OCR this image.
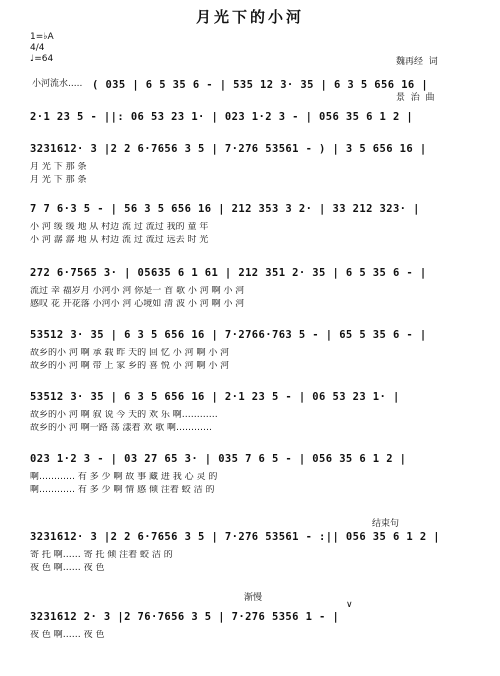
月光下的小河
1=♭A
4/4
♩=64

	魏再经  词

景  治  曲

小河流水..... ( 035 | 6 5 35 6 - | 535 12 3· 35 | 6 3 5 656 16 |
2·1 23 5 - ||: 06 53 23 1· | 023 1·2 3 - | 056 35 6 1 2 |
3231612· 3 |2 2 6·7656 3 5 | 7·276 53561 - ) | 3 5 656 16 |
月 光 下 那 条
月 光 下 那 条
7 7 6·3 5 - | 56 3 5 656 16 | 212 353 3 2· | 33 212 323· |
小 河 缓 缓 地 从 村边 流 过 流过 我的 童 年
小 河 潺 潺 地 从 村边 流 过 流过 远去 时 光
272 6·7565 3· | 05635 6 1 61 | 212 351 2· 35 | 6 5 35 6 - |
流过 幸 福岁月 小河小 河 你是一 首 歌 小 河 啊 小 河
感叹 花 开花落 小河小 河 心境如 清 波 小 河 啊 小 河
53512 3· 35 | 6 3 5 656 16 | 7·2766·763 5 - | 65 5 35 6 - |
故乡的小 河 啊 承 载 昨 天的 回 忆 小 河 啊 小 河
故乡的小 河 啊 带 上 家 乡的 喜 悦 小 河 啊 小 河
53512 3· 35 | 6 3 5 656 16 | 2·1 23 5 - | 06 53 23 1· |
故乡的小 河 啊 叙 说 今 天的 欢 乐 啊…………
故乡的小 河 啊一路 荡 漾着 欢 歌 啊…………
023 1·2 3 - | 03 27 65 3· | 035 7 6 5 - | 056 35 6 1 2 |
啊………… 有 多 少 啊 故 事 藏 进 我 心 灵 的
啊………… 有 多 少 啊 情 感 倾 注着 蛟 洁 的
结束句
3231612· 3 |2 2 6·7656 3 5 | 7·276 53561 - :|| 056 35 6 1 2 |
寄 托 啊…… 寄 托 倾 注着 蛟 洁 的
夜 色 啊…… 夜 色
渐慢
∨
3231612 2· 3 |2 76·7656 3 5 | 7·276 5356 1 - |
夜 色 啊…… 夜 色
